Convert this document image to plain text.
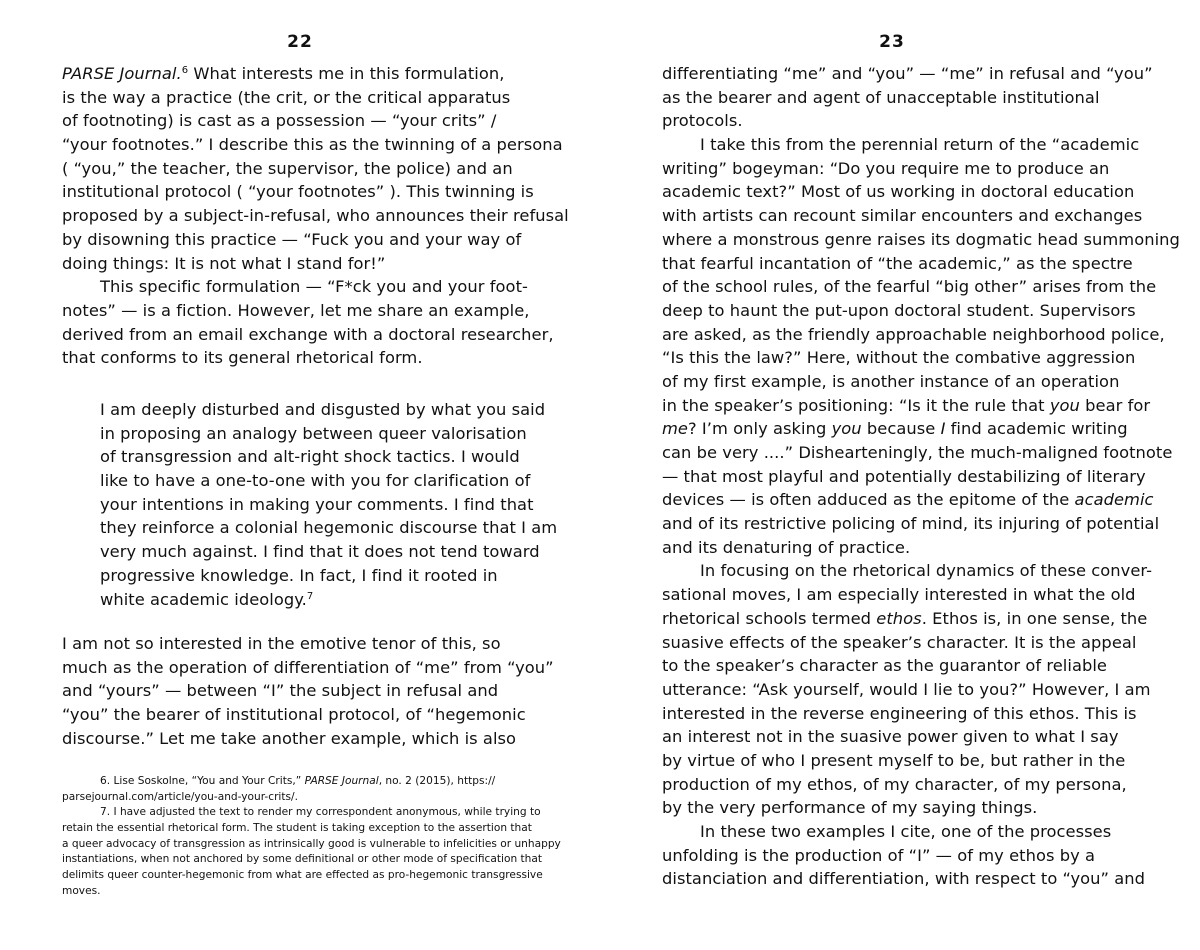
22
PARSE Journal.$^6$ What interests me in this formulation,
is the way a practice (the crit, or the critical apparatus
of footnoting) is cast as a possession — “your crits” /
“your footnotes.” I describe this as the twinning of a persona
( “you,” the teacher, the supervisor, the police) and an
institutional protocol ( “your footnotes” ). This twinning is
proposed by a subject-in-refusal, who announces their refusal
by disowning this practice — “Fuck you and your way of
doing things: It is not what I stand for!”
This specific formulation — “F*ck you and your foot-
notes” — is a fiction. However, let me share an example,
derived from an email exchange with a doctoral researcher,
that conforms to its general rhetorical form.
I am deeply disturbed and disgusted by what you said
in proposing an analogy between queer valorisation
of transgression and alt-right shock tactics. I would
like to have a one-to-one with you for clarification of
your intentions in making your comments. I find that
they reinforce a colonial hegemonic discourse that I am
very much against. I find that it does not tend toward
progressive knowledge. In fact, I find it rooted in
white academic ideology.$^7$
I am not so interested in the emotive tenor of this, so
much as the operation of differentiation of “me” from “you”
and “yours” — between “I” the subject in refusal and
“you” the bearer of institutional protocol, of “hegemonic
discourse.” Let me take another example, which is also
6. Lise Soskolne, “You and Your Crits,” PARSE Journal, no. 2 (2015), https://
parsejournal.com/article/you-and-your-crits/.
7. I have adjusted the text to render my correspondent anonymous, while trying to
retain the essential rhetorical form. The student is taking exception to the assertion that
a queer advocacy of transgression as intrinsically good is vulnerable to infelicities or unhappy
instantiations, when not anchored by some definitional or other mode of specification that
delimits queer counter-hegemonic from what are effected as pro-hegemonic transgressive
moves.
23
differentiating “me” and “you” — “me” in refusal and “you”
as the bearer and agent of unacceptable institutional
protocols.
I take this from the perennial return of the “academic
writing” bogeyman: “Do you require me to produce an
academic text?” Most of us working in doctoral education
with artists can recount similar encounters and exchanges
where a monstrous genre raises its dogmatic head summoning
that fearful incantation of “the academic,” as the spectre
of the school rules, of the fearful “big other” arises from the
deep to haunt the put-upon doctoral student. Supervisors
are asked, as the friendly approachable neighborhood police,
“Is this the law?” Here, without the combative aggression
of my first example, is another instance of an operation
in the speaker’s positioning: “Is it the rule that you bear for
me? I’m only asking you because I find academic writing
can be very ....” Dishearteningly, the much-maligned footnote
— that most playful and potentially destabilizing of literary
devices — is often adduced as the epitome of the academic
and of its restrictive policing of mind, its injuring of potential
and its denaturing of practice.
In focusing on the rhetorical dynamics of these conver-
sational moves, I am especially interested in what the old
rhetorical schools termed ethos. Ethos is, in one sense, the
suasive effects of the speaker’s character. It is the appeal
to the speaker’s character as the guarantor of reliable
utterance: “Ask yourself, would I lie to you?” However, I am
interested in the reverse engineering of this ethos. This is
an interest not in the suasive power given to what I say
by virtue of who I present myself to be, but rather in the
production of my ethos, of my character, of my persona,
by the very performance of my saying things.
In these two examples I cite, one of the processes
unfolding is the production of “I” — of my ethos by a
distanciation and differentiation, with respect to “you” and
